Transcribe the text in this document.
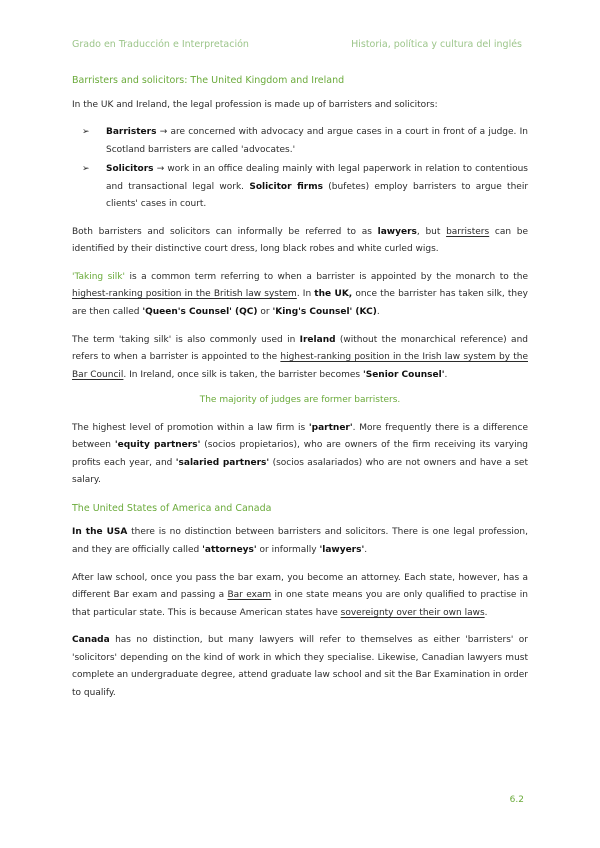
Grado en Traducción e Interpretación	Historia, política y cultura del inglés
Barristers and solicitors: The United Kingdom and Ireland

In the UK and Ireland, the legal profession is made up of barristers and solicitors:

➢ Barristers → are concerned with advocacy and argue cases in a court in front of a judge. In Scotland barristers are called 'advocates.'
➢ Solicitors → work in an office dealing mainly with legal paperwork in relation to contentious and transactional legal work. Solicitor firms (bufetes) employ barristers to argue their clients' cases in court.

Both barristers and solicitors can informally be referred to as lawyers, but barristers can be identified by their distinctive court dress, long black robes and white curled wigs.

'Taking silk' is a common term referring to when a barrister is appointed by the monarch to the highest-ranking position in the British law system. In the UK, once the barrister has taken silk, they are then called 'Queen's Counsel' (QC) or 'King's Counsel' (KC).

The term 'taking silk' is also commonly used in Ireland (without the monarchical reference) and refers to when a barrister is appointed to the highest-ranking position in the Irish law system by the Bar Council. In Ireland, once silk is taken, the barrister becomes 'Senior Counsel'.

The majority of judges are former barristers.

The highest level of promotion within a law firm is 'partner'. More frequently there is a difference between 'equity partners' (socios propietarios), who are owners of the firm receiving its varying profits each year, and 'salaried partners' (socios asalariados) who are not owners and have a set salary.

The United States of America and Canada

In the USA there is no distinction between barristers and solicitors. There is one legal profession, and they are officially called 'attorneys' or informally 'lawyers'.

After law school, once you pass the bar exam, you become an attorney. Each state, however, has a different Bar exam and passing a Bar exam in one state means you are only qualified to practise in that particular state. This is because American states have sovereignty over their own laws.

Canada has no distinction, but many lawyers will refer to themselves as either 'barristers' or 'solicitors' depending on the kind of work in which they specialise. Likewise, Canadian lawyers must complete an undergraduate degree, attend graduate law school and sit the Bar Examination in order to qualify.

6.2
